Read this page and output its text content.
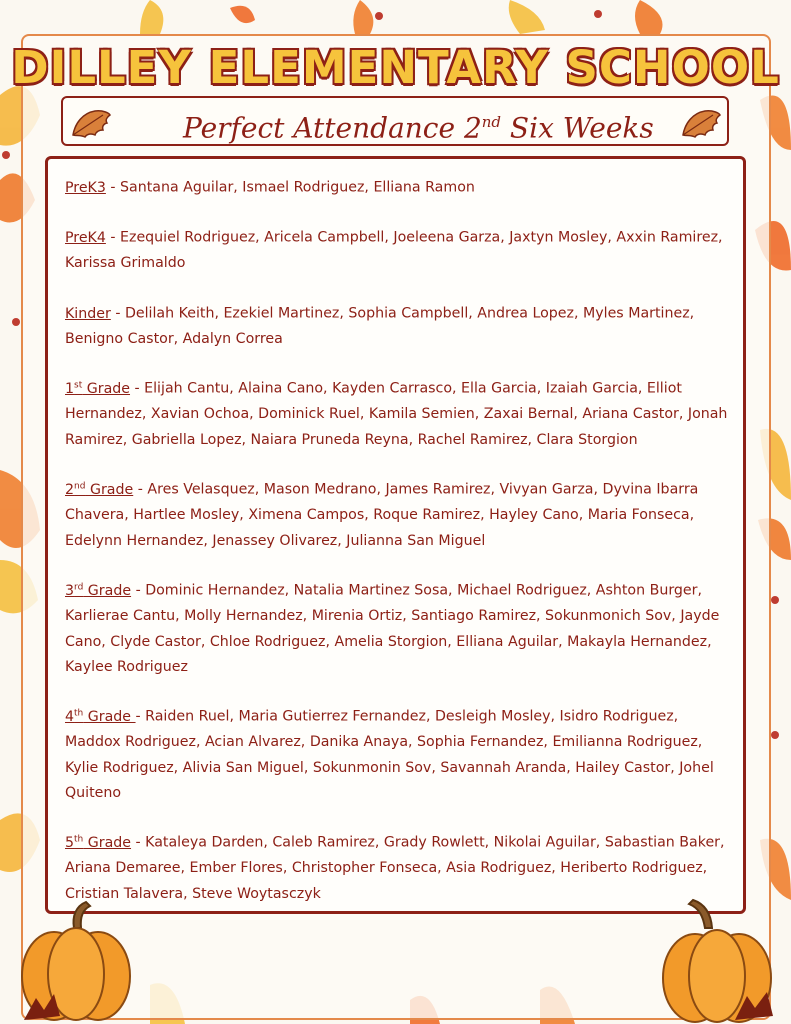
DILLEY ELEMENTARY SCHOOL
Perfect Attendance 2nd Six Weeks
PreK3 - Santana Aguilar, Ismael Rodriguez, Elliana Ramon
PreK4 - Ezequiel Rodriguez, Aricela Campbell, Joeleena Garza, Jaxtyn Mosley, Axxin Ramirez, Karissa Grimaldo
Kinder - Delilah Keith, Ezekiel Martinez, Sophia Campbell, Andrea Lopez, Myles Martinez, Benigno Castor, Adalyn Correa
1st Grade - Elijah Cantu, Alaina Cano, Kayden Carrasco, Ella Garcia, Izaiah Garcia, Elliot Hernandez, Xavian Ochoa, Dominick Ruel, Kamila Semien, Zaxai Bernal, Ariana Castor, Jonah Ramirez, Gabriella Lopez, Naiara Pruneda Reyna, Rachel Ramirez, Clara Storgion
2nd Grade - Ares Velasquez, Mason Medrano, James Ramirez, Vivyan Garza, Dyvina Ibarra Chavera, Hartlee Mosley, Ximena Campos, Roque Ramirez, Hayley Cano, Maria Fonseca, Edelynn Hernandez, Jenassey Olivarez, Julianna San Miguel
3rd Grade - Dominic Hernandez, Natalia Martinez Sosa, Michael Rodriguez, Ashton Burger, Karlierae Cantu, Molly Hernandez, Mirenia Ortiz, Santiago Ramirez, Sokunmonich Sov, Jayde Cano, Clyde Castor, Chloe Rodriguez, Amelia Storgion, Elliana Aguilar, Makayla Hernandez, Kaylee Rodriguez
4th Grade - Raiden Ruel, Maria Gutierrez Fernandez, Desleigh Mosley, Isidro Rodriguez, Maddox Rodriguez, Acian Alvarez, Danika Anaya, Sophia Fernandez, Emilianna Rodriguez, Kylie Rodriguez, Alivia San Miguel, Sokunmonin Sov, Savannah Aranda, Hailey Castor, Johel Quiteno
5th Grade - Kataleya Darden, Caleb Ramirez, Grady Rowlett, Nikolai Aguilar, Sabastian Baker, Ariana Demaree, Ember Flores, Christopher Fonseca, Asia Rodriguez, Heriberto Rodriguez, Cristian Talavera, Steve Woytasczyk
